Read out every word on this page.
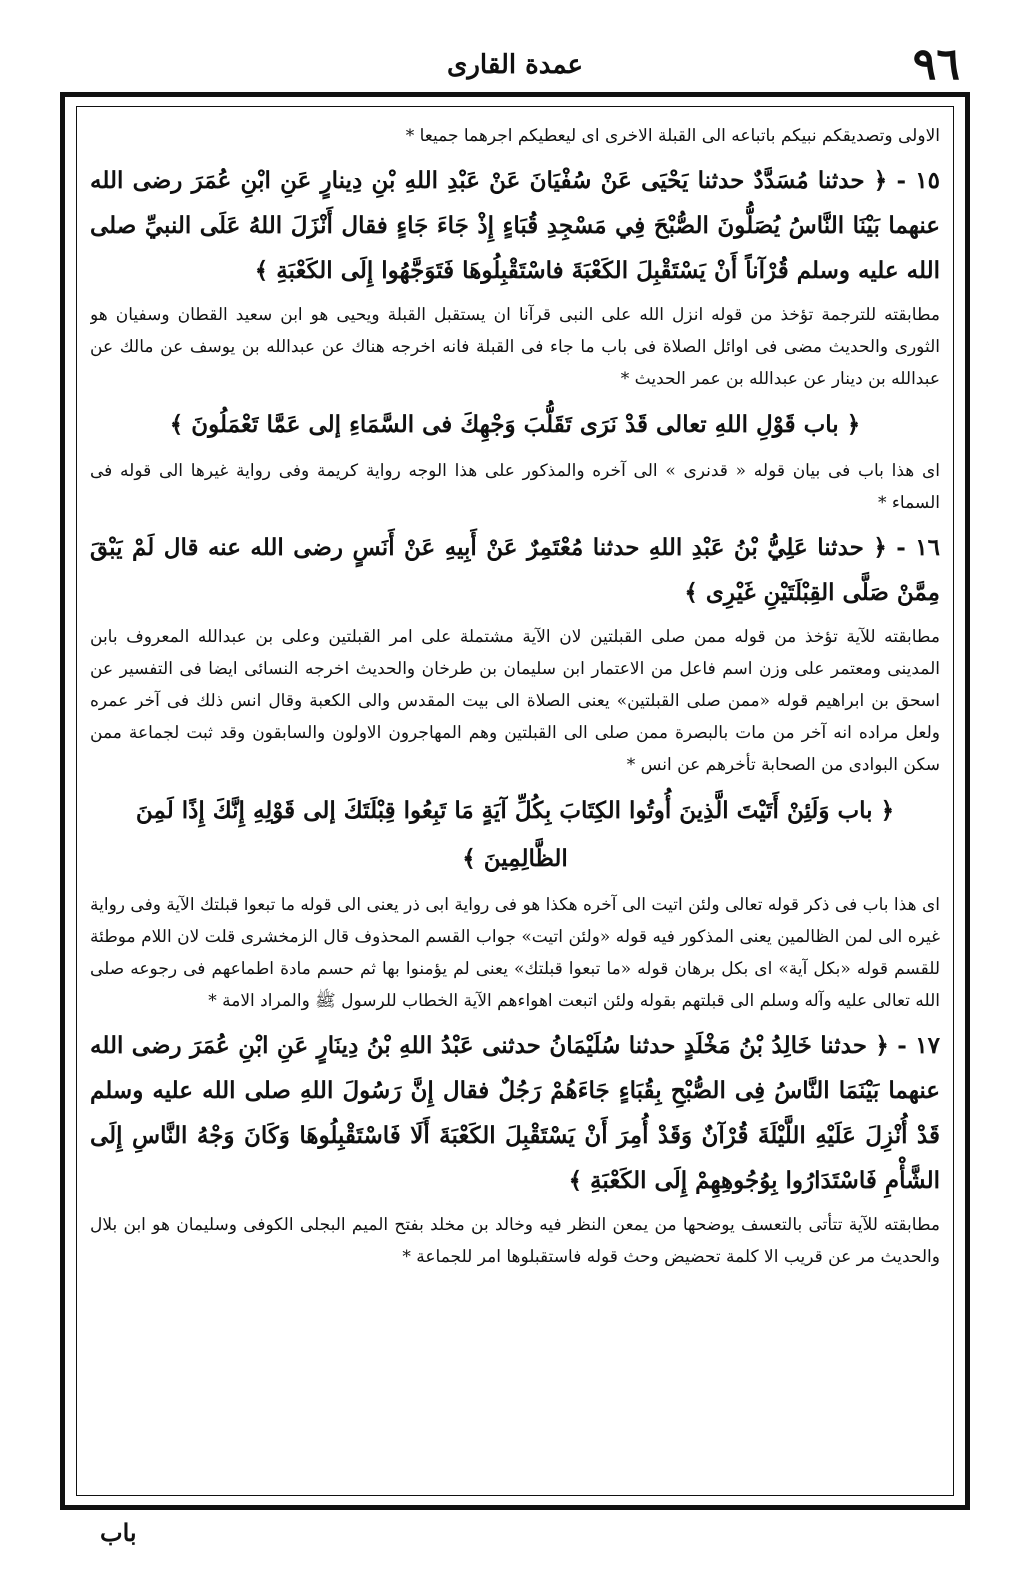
٩٦
عمدة القارى

الاولى وتصديقكم نبيكم باتباعه الى القبلة الاخرى اى ليعطيكم اجرهما جميعا *

١٥ - ﴿ حدثنا مُسَدَّدٌ حدثنا يَحْيَى عَنْ سُفْيَانَ عَنْ عَبْدِ اللهِ بْنِ دِينارٍ عَنِ ابْنِ عُمَرَ رضى الله عنهما بَيْنَا النَّاسُ يُصَلُّونَ الصُّبْحَ فِي مَسْجِدِ قُبَاءٍ إِذْ جَاءَ جَاءٍ فقال أَنْزَلَ اللهُ عَلَى النبيِّ صلى الله عليه وسلم قُرْآناً أَنْ يَسْتَقْبِلَ الكَعْبَةَ فاسْتَقْبِلُوهَا فَتَوَجَّهُوا إِلَى الكَعْبَةِ ﴾

مطابقته للترجمة تؤخذ من قوله انزل الله على النبى قرآنا ان يستقبل القبلة ويحيى هو ابن سعيد القطان وسفيان هو الثورى والحديث مضى فى اوائل الصلاة فى باب ما جاء فى القبلة فانه اخرجه هناك عن عبدالله بن يوسف عن مالك عن عبدالله بن دينار عن عبدالله بن عمر الحديث *

﴿ باب قَوْلِ اللهِ تعالى قَدْ نَرَى تَقَلُّبَ وَجْهِكَ فى السَّمَاءِ إلى عَمَّا تَعْمَلُونَ ﴾

اى هذا باب فى بيان قوله « قدنرى » الى آخره والمذكور على هذا الوجه رواية كريمة وفى رواية غيرها الى قوله فى السماء *

١٦ - ﴿ حدثنا عَلِيُّ بْنُ عَبْدِ اللهِ حدثنا مُعْتَمِرٌ عَنْ أَبِيهِ عَنْ أَنَسٍ رضى الله عنه قال لَمْ يَبْقَ مِمَّنْ صَلَّى القِبْلَتَيْنِ غَيْرِى ﴾

مطابقته للآية تؤخذ من قوله ممن صلى القبلتين لان الآية مشتملة على امر القبلتين وعلى بن عبدالله المعروف بابن المدينى ومعتمر على وزن اسم فاعل من الاعتمار ابن سليمان بن طرخان والحديث اخرجه النسائى ايضا فى التفسير عن اسحق بن ابراهيم قوله «ممن صلى القبلتين» يعنى الصلاة الى بيت المقدس والى الكعبة وقال انس ذلك فى آخر عمره ولعل مراده انه آخر من مات بالبصرة ممن صلى الى القبلتين وهم المهاجرون الاولون والسابقون وقد ثبت لجماعة ممن سكن البوادى من الصحابة تأخرهم عن انس *

﴿ باب وَلَئِنْ أَتَيْتَ الَّذِينَ أُوتُوا الكِتَابَ بِكُلِّ آيَةٍ مَا تَبِعُوا قِبْلَتَكَ إلى قَوْلِهِ إِنَّكَ إِذًا لَمِنَ الظَّالِمِينَ ﴾

اى هذا باب فى ذكر قوله تعالى ولئن اتيت الى آخره هكذا هو فى رواية ابى ذر يعنى الى قوله ما تبعوا قبلتك الآية وفى رواية غيره الى لمن الظالمين يعنى المذكور فيه قوله «ولئن اتيت» جواب القسم المحذوف قال الزمخشرى قلت لان اللام موطئة للقسم قوله «بكل آية» اى بكل برهان قوله «ما تبعوا قبلتك» يعنى لم يؤمنوا بها ثم حسم مادة اطماعهم فى رجوعه صلى الله تعالى عليه وآله وسلم الى قبلتهم بقوله ولئن اتبعت اهواءهم الآية الخطاب للرسول ﷺ والمراد الامة *

١٧ - ﴿ حدثنا خَالِدُ بْنُ مَخْلَدٍ حدثنا سُلَيْمَانُ حدثنى عَبْدُ اللهِ بْنُ دِينَارٍ عَنِ ابْنِ عُمَرَ رضى الله عنهما بَيْنَمَا النَّاسُ فِى الصُّبْحِ بِقُبَاءٍ جَاءَهُمْ رَجُلٌ فقال إِنَّ رَسُولَ اللهِ صلى الله عليه وسلم قَدْ أُنْزِلَ عَلَيْهِ اللَّيْلَةَ قُرْآنٌ وَقَدْ أُمِرَ أَنْ يَسْتَقْبِلَ الكَعْبَةَ أَلَا فَاسْتَقْبِلُوهَا وَكَانَ وَجْهُ النَّاسِ إِلَى الشَّأْمِ فَاسْتَدَارُوا بِوُجُوهِهِمْ إِلَى الكَعْبَةِ ﴾

مطابقته للآية تتأتى بالتعسف يوضحها من يمعن النظر فيه وخالد بن مخلد بفتح الميم البجلى الكوفى وسليمان هو ابن بلال والحديث مر عن قريب الا كلمة تحضيض وحث قوله فاستقبلوها امر للجماعة *

باب
